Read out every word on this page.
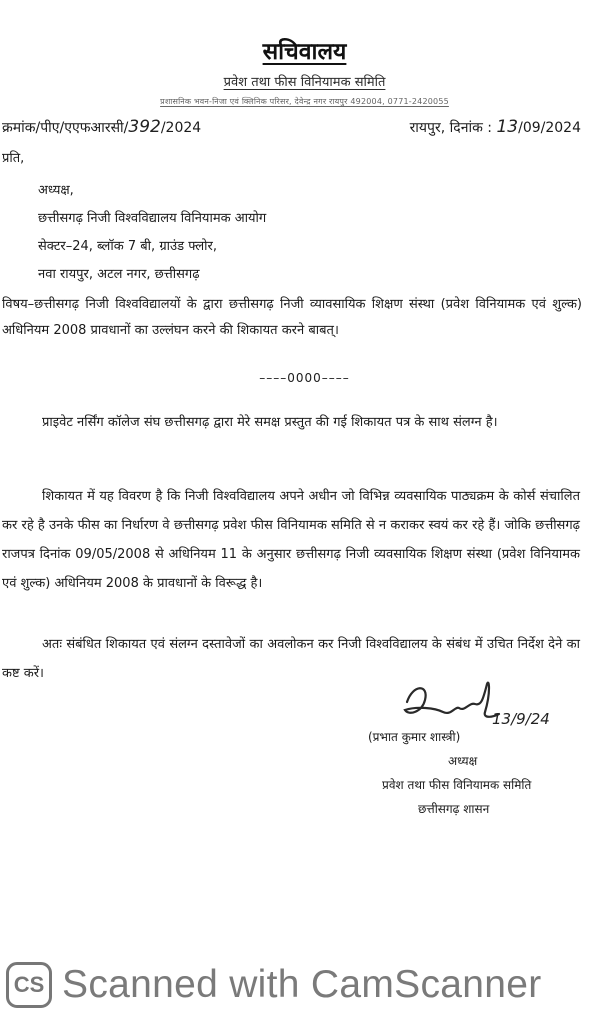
सचिवालय
प्रवेश तथा फीस विनियामक समिति
प्रशासनिक भवन-निजा एवं क्लिनिक परिसर, देवेन्द्र नगर रायपुर 492004, 0771-2420055
क्रमांक/पीए/एएफआरसी/392/2024	रायपुर, दिनांक : 13/09/2024
प्रति,
अध्यक्ष,
छत्तीसगढ़ निजी विश्वविद्यालय विनियामक आयोग
सेक्टर–24, ब्लॉक 7 बी, ग्राउंड फ्लोर,
नवा रायपुर, अटल नगर, छत्तीसगढ़
विषय–छत्तीसगढ़ निजी विश्वविद्यालयों के द्वारा छत्तीसगढ़ निजी व्यावसायिक शिक्षण संस्था (प्रवेश विनियामक एवं शुल्क) अधिनियम 2008 प्रावधानों का उल्लंघन करने की शिकायत करने बाबत्।
––––0000––––
प्राइवेट नर्सिंग कॉलेज संघ छत्तीसगढ़ द्वारा मेरे समक्ष प्रस्तुत की गई शिकायत पत्र के साथ संलग्न है।
शिकायत में यह विवरण है कि निजी विश्वविद्यालय अपने अधीन जो विभिन्न व्यवसायिक पाठ्यक्रम के कोर्स संचालित कर रहे है उनके फीस का निर्धारण वे छत्तीसगढ़ प्रवेश फीस विनियामक समिति से न कराकर स्वयं कर रहे हैं। जोकि छत्तीसगढ़ राजपत्र दिनांक 09/05/2008 से अधिनियम 11 के अनुसार छत्तीसगढ़ निजी व्यवसायिक शिक्षण संस्था (प्रवेश विनियामक एवं शुल्क) अधिनियम 2008 के प्रावधानों के विरूद्ध है।
अतः संबंधित शिकायत एवं संलग्न दस्तावेजों का अवलोकन कर निजी विश्वविद्यालय के संबंध में उचित निर्देश देने का कष्ट करें।
13/9/24
(प्रभात कुमार शास्त्री)
अध्यक्ष
प्रवेश तथा फीस विनियामक समिति
छत्तीसगढ़ शासन
CS Scanned with CamScanner
